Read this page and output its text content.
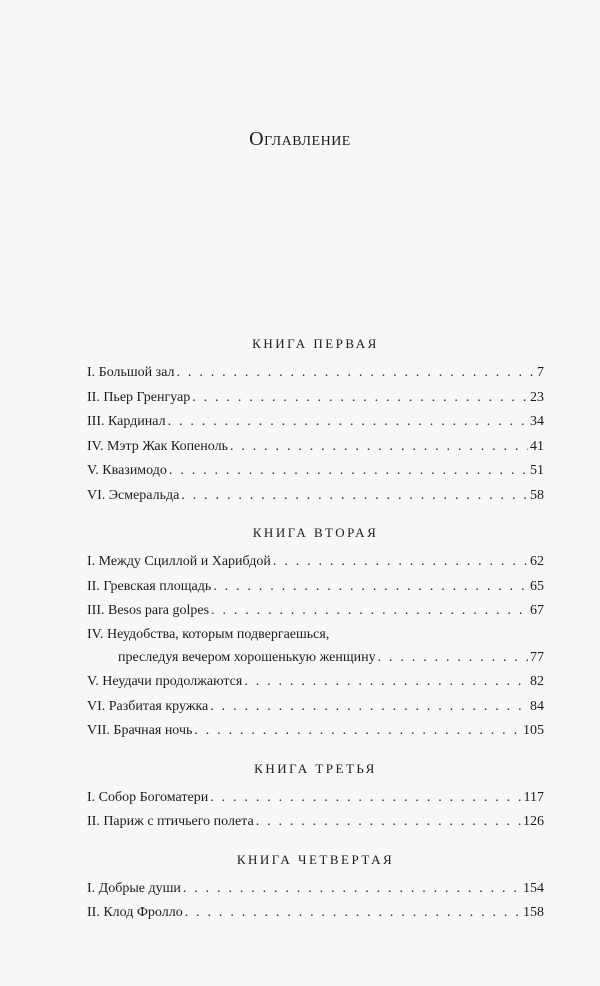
Оглавление
КНИГА ПЕРВАЯ
I. Большой зал . . .	7
II. Пьер Гренгуар . . .	23
III. Кардинал . . .	34
IV. Мэтр Жак Копеноль . . .	41
V. Квазимодо . . .	51
VI. Эсмеральда . . .	58
КНИГА ВТОРАЯ
I. Между Сциллой и Харибдой . . .	62
II. Гревская площадь . . .	65
III. Besos para golpes . . .	67
IV. Неудобства, которым подвергаешься,
преследуя вечером хорошенькую женщину . . .	77
V. Неудачи продолжаются . . .	82
VI. Разбитая кружка . . .	84
VII. Брачная ночь . . .	105
КНИГА ТРЕТЬЯ
I. Собор Богоматери . . .	117
II. Париж с птичьего полета . . .	126
КНИГА ЧЕТВЕРТАЯ
I. Добрые души . . .	154
II. Клод Фролло . . .	158
